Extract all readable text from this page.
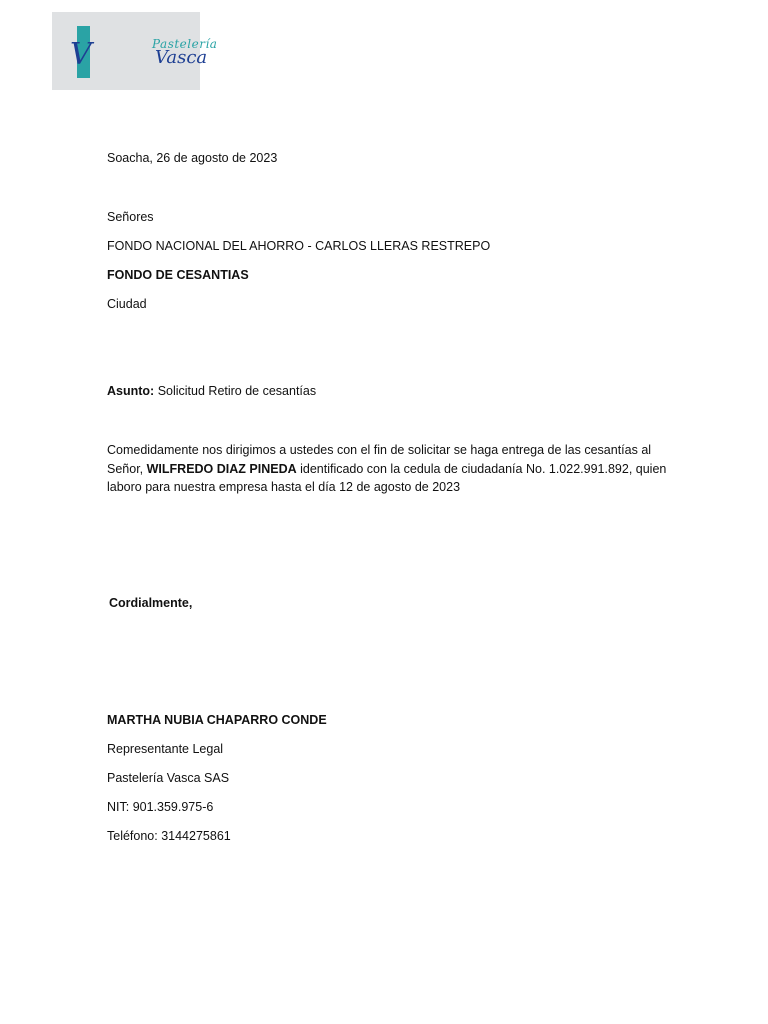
V	Pastelería
Vasca
Soacha, 26 de agosto de 2023
Señores
FONDO NACIONAL DEL AHORRO - CARLOS LLERAS RESTREPO
FONDO DE CESANTIAS
Ciudad
Asunto: Solicitud Retiro de cesantías
Comedidamente nos dirigimos a ustedes con el fin de solicitar se haga entrega de las cesantías al Señor, WILFREDO DIAZ PINEDA identificado con la cedula de ciudadanía No. 1.022.991.892, quien laboro para nuestra empresa hasta el día 12 de agosto de 2023
Cordialmente,
MARTHA NUBIA CHAPARRO CONDE
Representante Legal
Pastelería Vasca SAS
NIT: 901.359.975-6
Teléfono: 3144275861
